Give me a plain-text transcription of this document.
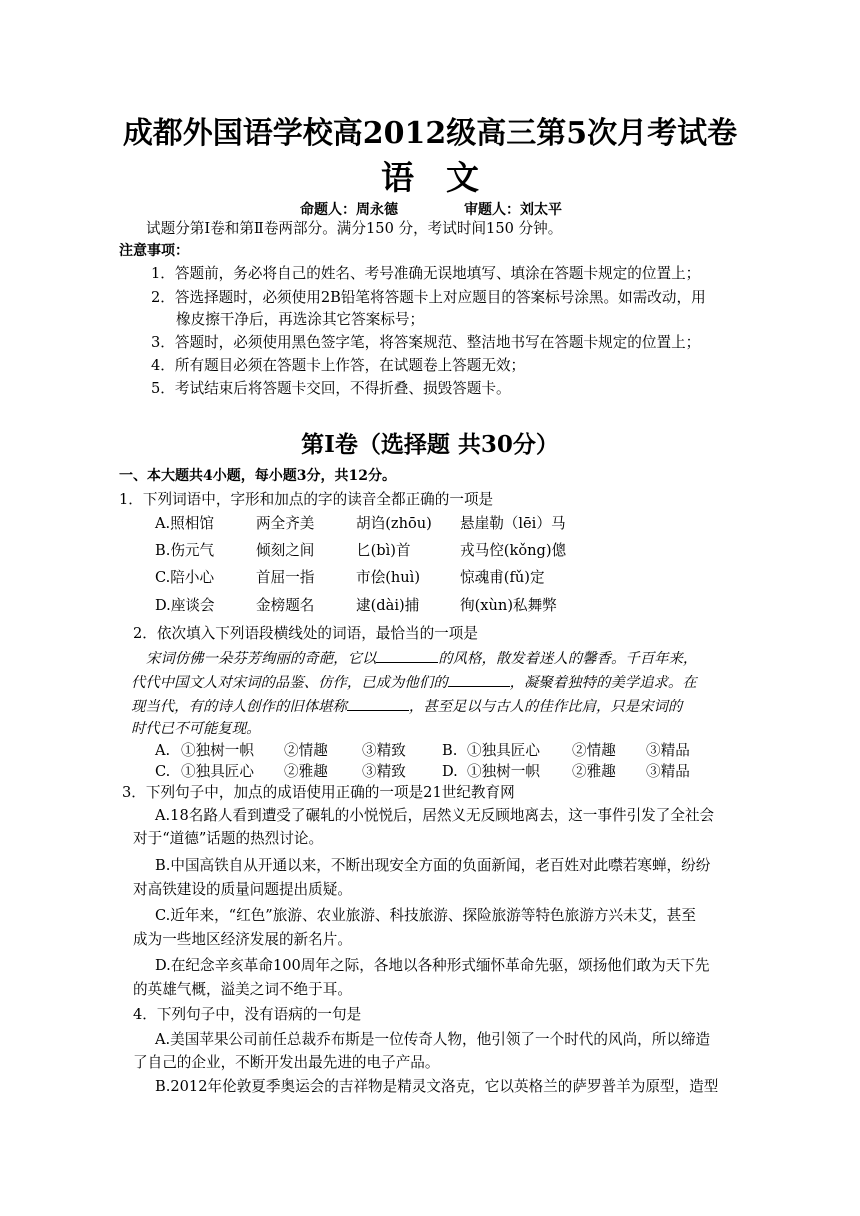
成都外国语学校高2012级高三第5次月考试卷
语文
命题人：周永德	审题人：刘太平
试题分第Ⅰ卷和第Ⅱ卷两部分。满分150 分，考试时间150 分钟。
注意事项：
1．答题前，务必将自己的姓名、考号准确无误地填写、填涂在答题卡规定的位置上；
2．答选择题时，必须使用2B铅笔将答题卡上对应题目的答案标号涂黑。如需改动，用
橡皮擦干净后，再选涂其它答案标号；
3．答题时，必须使用黑色签字笔，将答案规范、整洁地书写在答题卡规定的位置上；
4．所有题目必须在答题卡上作答，在试题卷上答题无效；
5．考试结束后将答题卡交回，不得折叠、损毁答题卡。
第Ⅰ卷（选择题 共30分）
一、本大题共4小题，每小题3分，共12分。
1．下列词语中，字形和加点的字的读音全都正确的一项是
A.照相馆	两全齐美	胡诌(zhōu) 悬崖勒（lēi）马
B.伤元气	倾刻之间	匕(bì)首	戎马倥(kǒng)傯
C.陪小心	首屈一指	市侩(huì)	惊魂甫(fǔ)定
D.座谈会	金榜题名	逮(dài)捕	徇(xùn)私舞弊
2．依次填入下列语段横线处的词语，最恰当的一项是
宋词仿佛一朵芬芳绚丽的奇葩，它以	的风格，散发着迷人的馨香。千百年来，
代代中国文人对宋词的品鉴、仿作，已成为他们的	，凝聚着独特的美学追求。在
现当代，有的诗人创作的旧体堪称	，甚至足以与古人的佳作比肩，只是宋词的
时代已不可能复现。
A. ①独树一帜 ②情趣 ③精致 B. ①独具匠心 ②情趣 ③精品
C. ①独具匠心 ②雅趣 ③精致 D. ①独树一帜 ②雅趣 ③精品
3．下列句子中，加点的成语使用正确的一项是21世纪教育网
A.18名路人看到遭受了碾轧的小悦悦后，居然义无反顾地离去，这一事件引发了全社会
对于“道德”话题的热烈讨论。
B.中国高铁自从开通以来，不断出现安全方面的负面新闻，老百姓对此噤若寒蝉，纷纷
对高铁建设的质量问题提出质疑。
C.近年来，“红色”旅游、农业旅游、科技旅游、探险旅游等特色旅游方兴未艾，甚至
成为一些地区经济发展的新名片。
D.在纪念辛亥革命100周年之际，各地以各种形式缅怀革命先驱，颂扬他们敢为天下先
的英雄气概，溢美之词不绝于耳。
4．下列句子中，没有语病的一句是
A.美国苹果公司前任总裁乔布斯是一位传奇人物，他引领了一个时代的风尚，所以缔造
了自己的企业，不断开发出最先进的电子产品。
B.2012年伦敦夏季奥运会的吉祥物是精灵文洛克，它以英格兰的萨罗普羊为原型，造型
